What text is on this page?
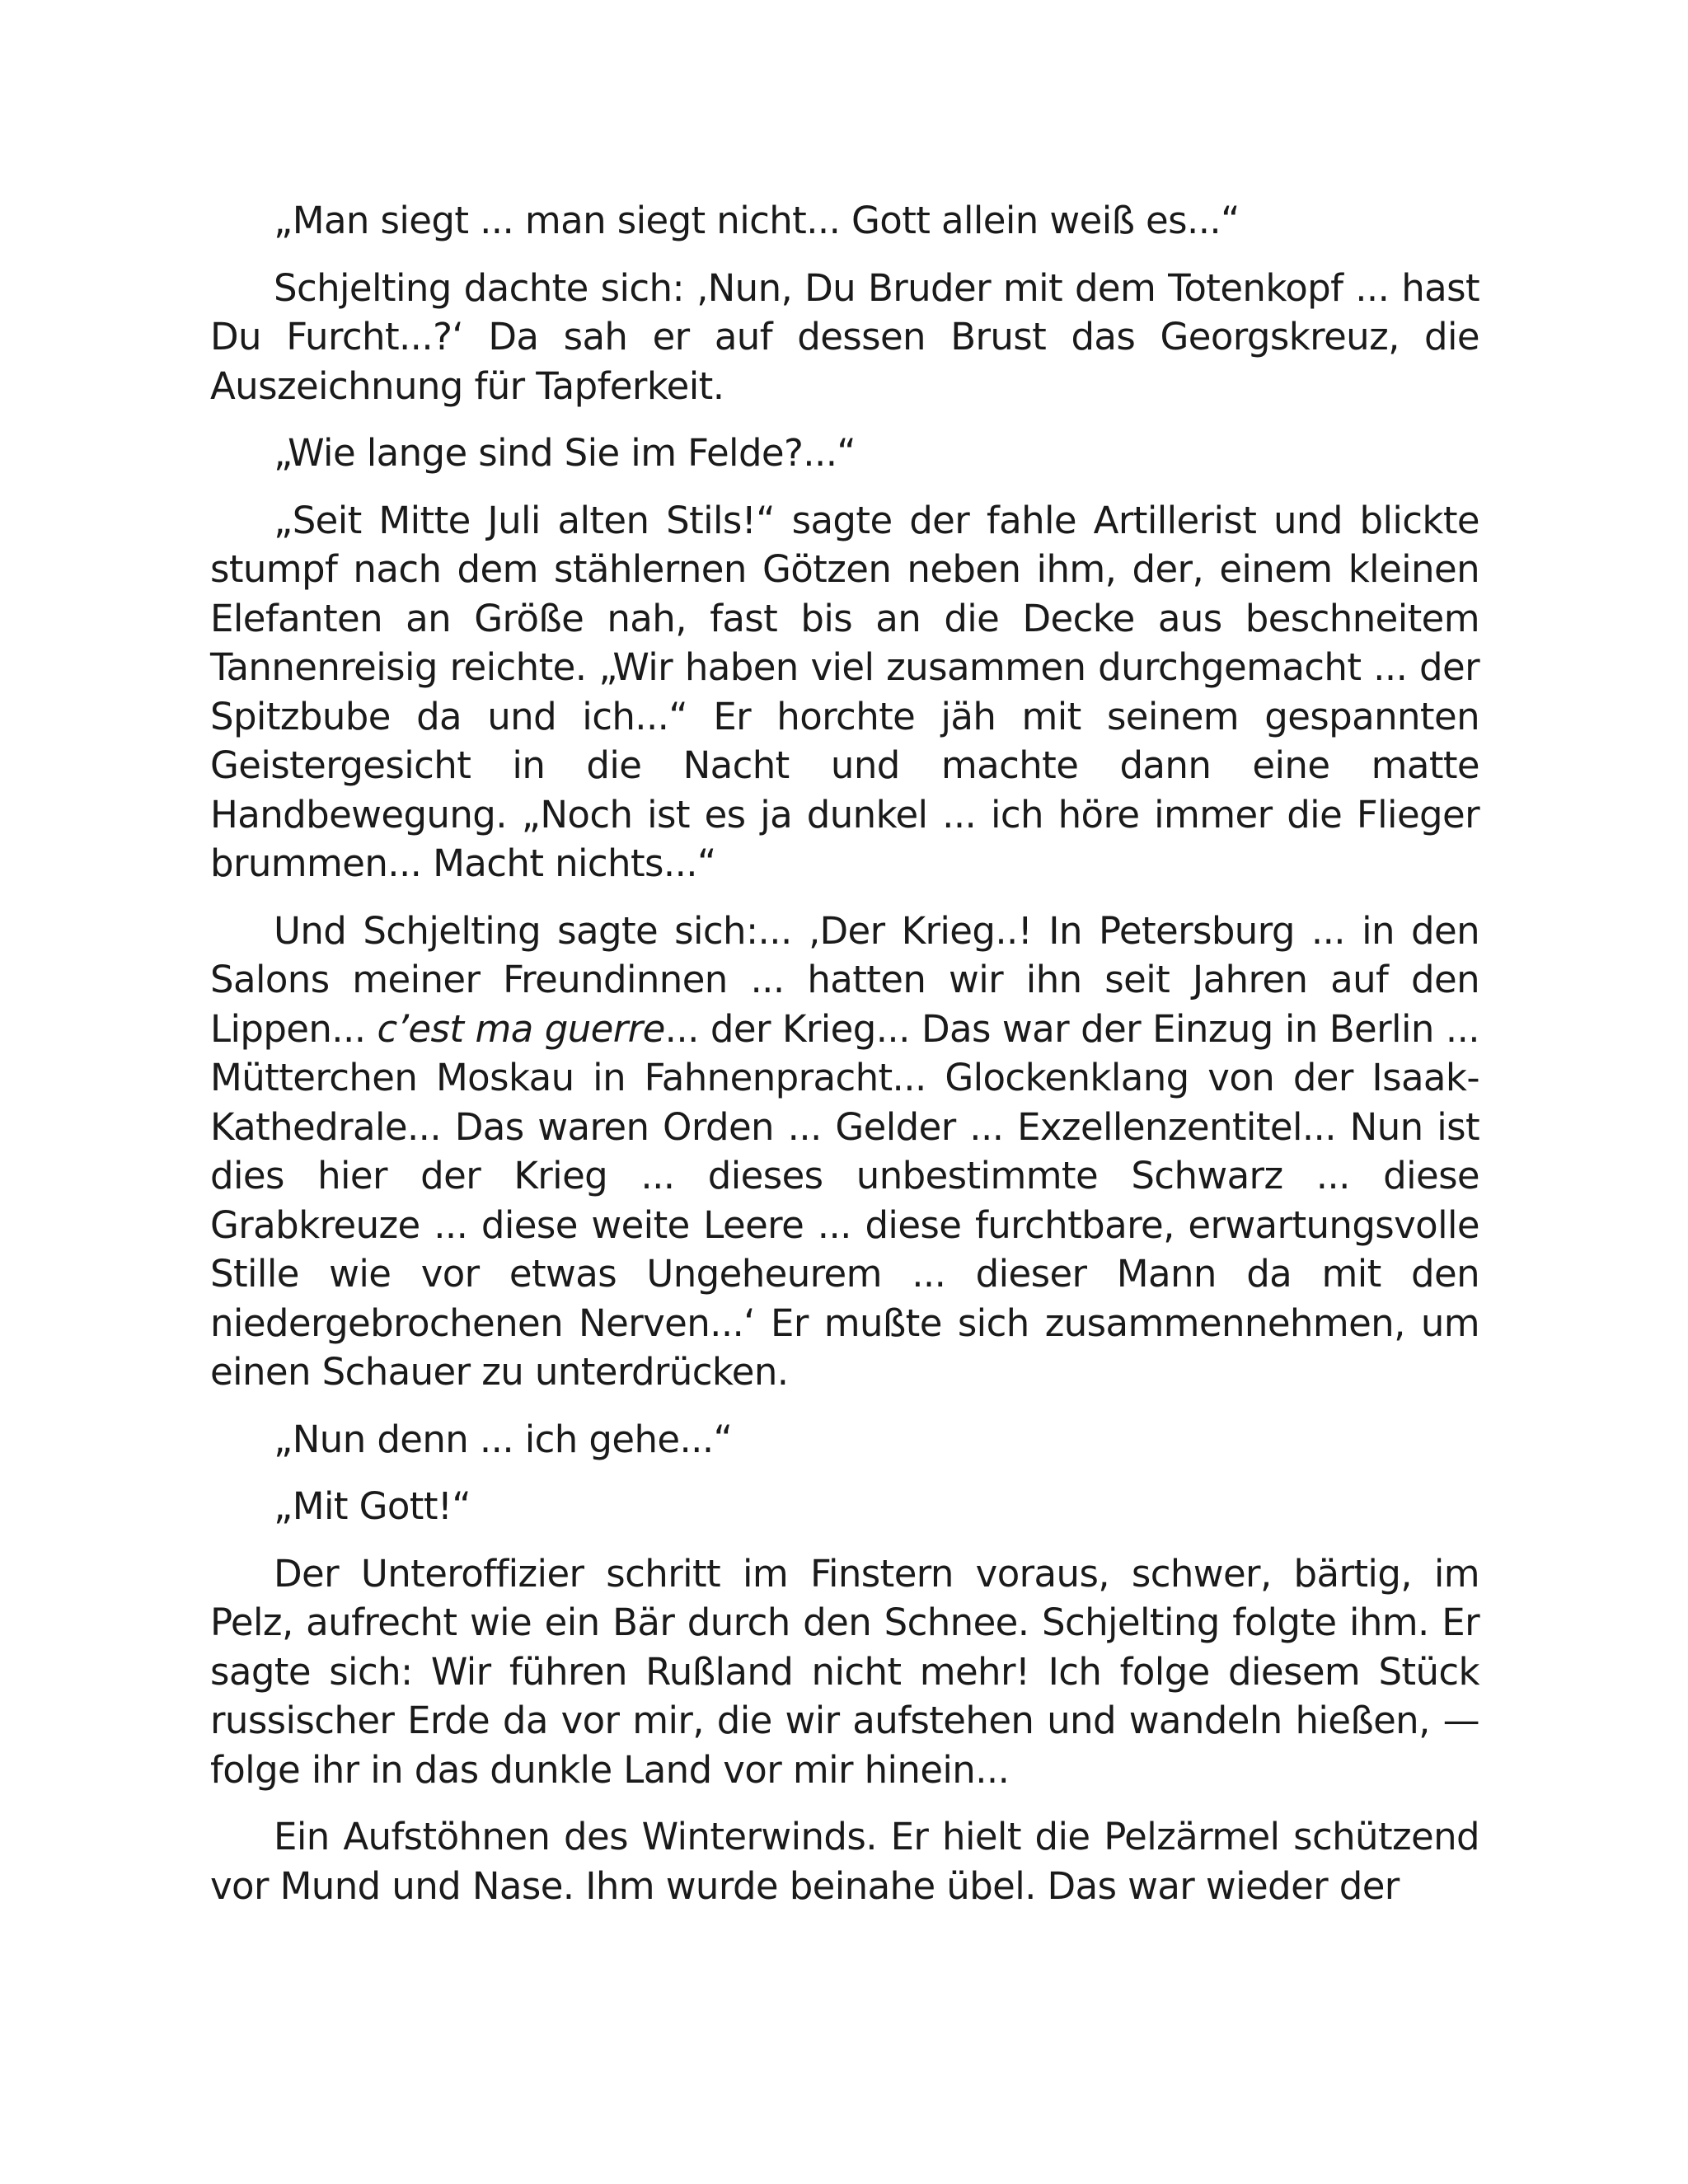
„Man siegt ... man siegt nicht... Gott allein weiß es...“

Schjelting dachte sich: ‚Nun, Du Bruder mit dem Totenkopf ... hast Du Furcht...?‘ Da sah er auf dessen Brust das Georgskreuz, die Auszeichnung für Tapferkeit.

„Wie lange sind Sie im Felde?...“

„Seit Mitte Juli alten Stils!“ sagte der fahle Artillerist und blickte stumpf nach dem stählernen Götzen neben ihm, der, einem kleinen Elefanten an Größe nah, fast bis an die Decke aus beschneitem Tannenreisig reichte. „Wir haben viel zusammen durchgemacht ... der Spitzbube da und ich...“ Er horchte jäh mit seinem gespannten Geistergesicht in die Nacht und machte dann eine matte Handbewegung. „Noch ist es ja dunkel ... ich höre immer die Flieger brummen... Macht nichts...“

Und Schjelting sagte sich:... ‚Der Krieg..! In Petersburg ... in den Salons meiner Freundinnen ... hatten wir ihn seit Jahren auf den Lippen... c’est ma guerre... der Krieg... Das war der Einzug in Berlin ... Mütterchen Moskau in Fahnenpracht... Glockenklang von der Isaak-Kathedrale... Das waren Orden ... Gelder ... Exzellenzentitel... Nun ist dies hier der Krieg ... dieses unbestimmte Schwarz ... diese Grabkreuze ... diese weite Leere ... diese furchtbare, erwartungsvolle Stille wie vor etwas Ungeheurem ... dieser Mann da mit den niedergebrochenen Nerven...‘ Er mußte sich zusammennehmen, um einen Schauer zu unterdrücken.

„Nun denn ... ich gehe...“

„Mit Gott!“

Der Unteroffizier schritt im Finstern voraus, schwer, bärtig, im Pelz, aufrecht wie ein Bär durch den Schnee. Schjelting folgte ihm. Er sagte sich: Wir führen Rußland nicht mehr! Ich folge diesem Stück russischer Erde da vor mir, die wir aufstehen und wandeln hießen, — folge ihr in das dunkle Land vor mir hinein...

Ein Aufstöhnen des Winterwinds. Er hielt die Pelzärmel schützend vor Mund und Nase. Ihm wurde beinahe übel. Das war wieder der
